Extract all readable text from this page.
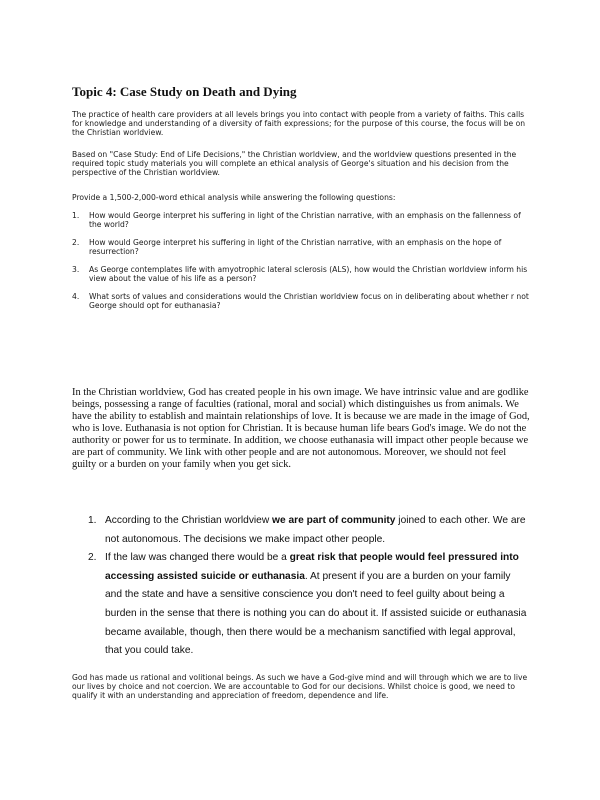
Topic 4: Case Study on Death and Dying

The practice of health care providers at all levels brings you into contact with people from a variety of faiths. This calls for knowledge and understanding of a diversity of faith expressions; for the purpose of this course, the focus will be on the Christian worldview.

Based on "Case Study: End of Life Decisions," the Christian worldview, and the worldview questions presented in the required topic study materials you will complete an ethical analysis of George's situation and his decision from the perspective of the Christian worldview.

Provide a 1,500-2,000-word ethical analysis while answering the following questions:

1. How would George interpret his suffering in light of the Christian narrative, with an emphasis on the fallenness of the world?
2. How would George interpret his suffering in light of the Christian narrative, with an emphasis on the hope of resurrection?
3. As George contemplates life with amyotrophic lateral sclerosis (ALS), how would the Christian worldview inform his view about the value of his life as a person?
4. What sorts of values and considerations would the Christian worldview focus on in deliberating about whether r not George should opt for euthanasia?

In the Christian worldview, God has created people in his own image. We have intrinsic value and are godlike beings, possessing a range of faculties (rational, moral and social) which distinguishes us from animals. We have the ability to establish and maintain relationships of love. It is because we are made in the image of God, who is love. Euthanasia is not option for Christian. It is because human life bears God's image. We do not the authority or power for us to terminate. In addition, we choose euthanasia will impact other people because we are part of community. We link with other people and are not autonomous. Moreover, we should not feel guilty or a burden on your family when you get sick.

1. According to the Christian worldview we are part of community joined to each other. We are not autonomous. The decisions we make impact other people.
2. If the law was changed there would be a great risk that people would feel pressured into accessing assisted suicide or euthanasia. At present if you are a burden on your family and the state and have a sensitive conscience you don't need to feel guilty about being a burden in the sense that there is nothing you can do about it. If assisted suicide or euthanasia became available, though, then there would be a mechanism sanctified with legal approval, that you could take.

God has made us rational and volitional beings. As such we have a God-give mind and will through which we are to live our lives by choice and not coercion. We are accountable to God for our decisions. Whilst choice is good, we need to qualify it with an understanding and appreciation of freedom, dependence and life.
